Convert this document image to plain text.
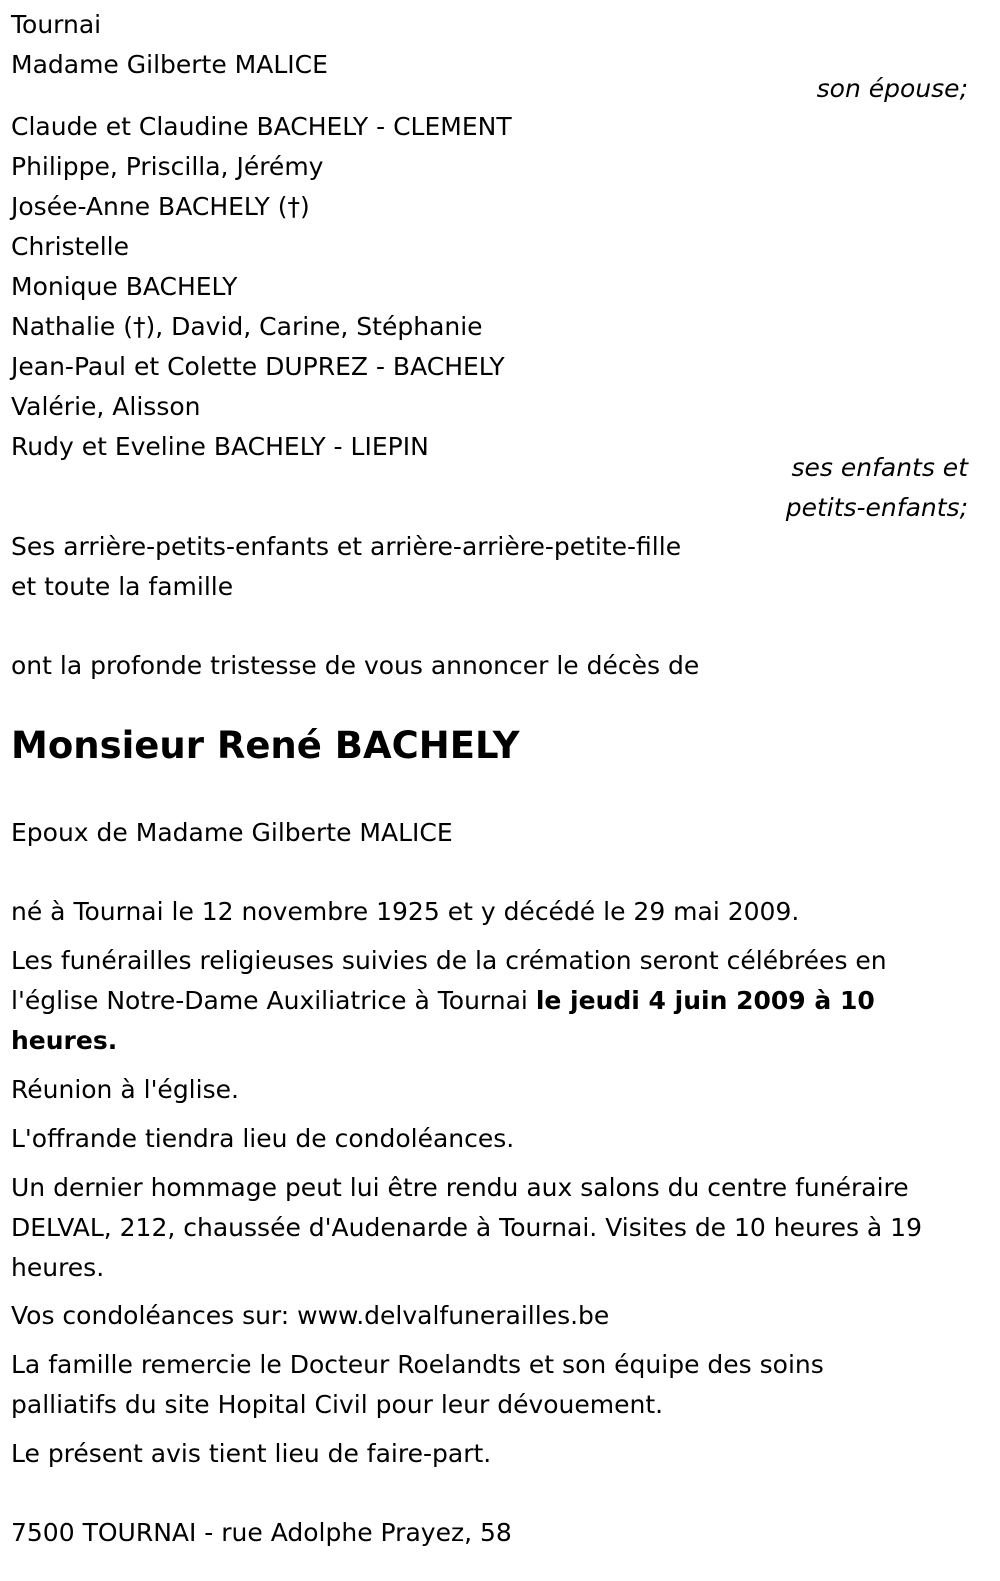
Tournai
Madame Gilberte MALICE
son épouse;
Claude et Claudine BACHELY - CLEMENT
Philippe, Priscilla, Jérémy
Josée-Anne BACHELY (†)
Christelle
Monique BACHELY
Nathalie (†), David, Carine, Stéphanie
Jean-Paul et Colette DUPREZ - BACHELY
Valérie, Alisson
Rudy et Eveline BACHELY - LIEPIN
ses enfants et
petits-enfants;
Ses arrière-petits-enfants et arrière-arrière-petite-fille
et toute la famille
ont la profonde tristesse de vous annoncer le décès de
Monsieur René BACHELY
Epoux de Madame Gilberte MALICE
né à Tournai le 12 novembre 1925 et y décédé le 29 mai 2009.
Les funérailles religieuses suivies de la crémation seront célébrées en l'église Notre-Dame Auxiliatrice à Tournai le jeudi 4 juin 2009 à 10 heures.
Réunion à l'église.
L'offrande tiendra lieu de condoléances.
Un dernier hommage peut lui être rendu aux salons du centre funéraire DELVAL, 212, chaussée d'Audenarde à Tournai. Visites de 10 heures à 19 heures.
Vos condoléances sur: www.delvalfunerailles.be
La famille remercie le Docteur Roelandts et son équipe des soins palliatifs du site Hopital Civil pour leur dévouement.
Le présent avis tient lieu de faire-part.
7500 TOURNAI - rue Adolphe Prayez, 58
